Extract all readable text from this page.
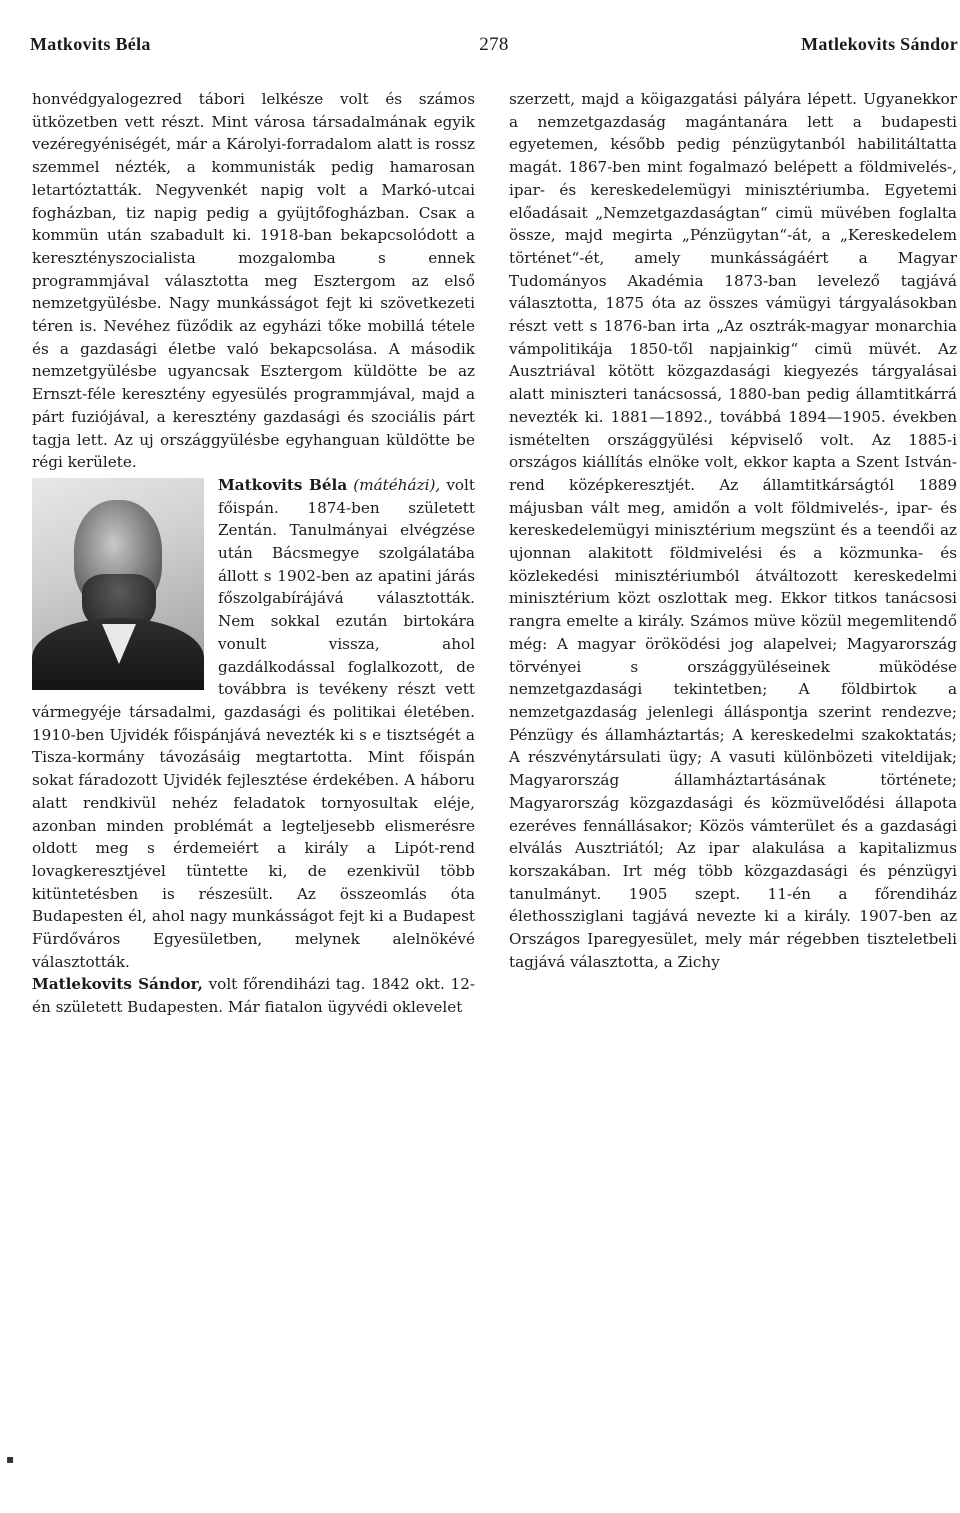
Matkovits Béla	278	Matlekovits Sándor

honvédgyalogezred tábori lelkésze volt és számos ütközetben vett részt. Mint városa társadalmának egyik vezéregyéniségét, már a Károlyi-forradalom alatt is rossz szemmel nézték, a kommunisták pedig hamarosan letartóztatták. Negyvenkét napig volt a Markó-utcai fogházban, tiz napig pedig a gyüjtőfogházban. Csaк a kommün után szabadult ki. 1918-ban bekapcsolódott a keresztényszocialista mozgalomba s ennek programmjával választotta meg Esztergom az első nemzetgyülésbe. Nagy munkásságot fejt ki szövetkezeti téren is. Nevéhez füződik az egyházi tőke mobillá tétele és a gazdasági életbe való bekapcsolása. A második nemzetgyülésbe ugyancsak Esztergom küldötte be az Ernszt-féle keresztény egyesülés programmjával, majd a párt fuziójával, a keresztény gazdasági és szociális párt tagja lett. Az uj országgyülésbe egyhanguan küldötte be régi kerülete.

Matkovits Béla (mátéházi),
volt főispán. 1874-ben született Zentán. Tanulmányai elvégzése után Bácsmegye szolgálatába állott s 1902-ben az apatini járás főszolgabírájává választották. Nem sokkal ezután birtokára vonult vissza, ahol gazdálkodással foglalkozott, de továbbra is tevékeny részt vett vármegyéje társadalmi, gazdasági és politikai életében. 1910-ben Ujvidék főispánjává nevezték ki s e tisztségét a Tisza-kormány távozásáig megtartotta. Mint főispán sokat fáradozott Ujvidék fejlesztése érdekében. A háboru alatt rendkivül nehéz feladatok tornyosultak eléje, azonban minden problémát a legteljesebb elismerésre oldott meg s érdemeiért a király a Lipót-rend lovagkeresztjével tüntette ki, de ezenkivül több kitüntetésben is részesült. Az összeomlás óta Budapesten él, ahol nagy munkásságot fejt ki a Budapest Fürdőváros Egyesületben, melynek alelnökévé választották.

Matlekovits Sándor, volt főrendiházi tag. 1842 okt. 12-én született Budapesten. Már fiatalon ügyvédi oklevelet

szerzett, majd a köigazgatási pályára lépett. Ugyanekkor a nemzetgazdaság magántanára lett a budapesti egyetemen, később pedig pénzügytanból habilitáltatta magát. 1867-ben mint fogalmazó belépett a földmivelés-, ipar- és kereskedelemügyi minisztériumba. Egyetemi előadásait „Nemzetgazdaságtan“ cimü müvében foglalta össze, majd megirta „Pénzügytan“-át, a „Kereskedelem történet“-ét, amely munkásságáért a Magyar Tudományos Akadémia 1873-ban levelező tagjává választotta, 1875 óta az összes vámügyi tárgyalásokban részt vett s 1876-ban irta „Az osztrák-magyar monarchia vámpolitikája 1850-től napjainkig“ cimü müvét. Az Ausztriával kötött közgazdasági kiegyezés tárgyalásai alatt miniszteri tanácsossá, 1880-ban pedig államtitkárrá nevezték ki. 1881—1892., továbbá 1894—1905. években ismételten országgyülési képviselő volt. Az 1885-i országos kiállítás elnöke volt, ekkor kapta a Szent István-rend középkeresztjét. Az államtitkárságtól 1889 májusban vált meg, amidőn a volt földmivelés-, ipar- és kereskedelemügyi minisztérium megszünt és a teendői az ujonnan alakitott földmivelési és a közmunka- és közlekedési minisztériumból átváltozott kereskedelmi minisztérium közt oszlottak meg. Ekkor titkos tanácsosi rangra emelte a király. Számos müve közül megemlitendő még: A magyar öröködési jog alapelvei; Magyarország törvényei s országgyüléseinek müködése nemzetgazdasági tekintetben; A földbirtok a nemzetgazdaság jelenlegi álláspontja szerint rendezve; Pénzügy és államháztartás; A kereskedelmi szakoktatás; A részvénytársulati ügy; A vasuti különbözeti viteldijak; Magyarország államháztartásának története; Magyarország közgazdasági és közmüvelődési állapota ezeréves fennállásakor; Közös vámterület és a gazdasági elválás Ausztriától; Az ipar alakulása a kapitalizmus korszakában. Irt még több közgazdasági és pénzügyi tanulmányt. 1905 szept. 11-én a főrendiház élethossziglani tagjává nevezte ki a király. 1907-ben az Országos Iparegyesület, mely már régebben tiszteletbeli tagjává választotta, a Zichy

▪
